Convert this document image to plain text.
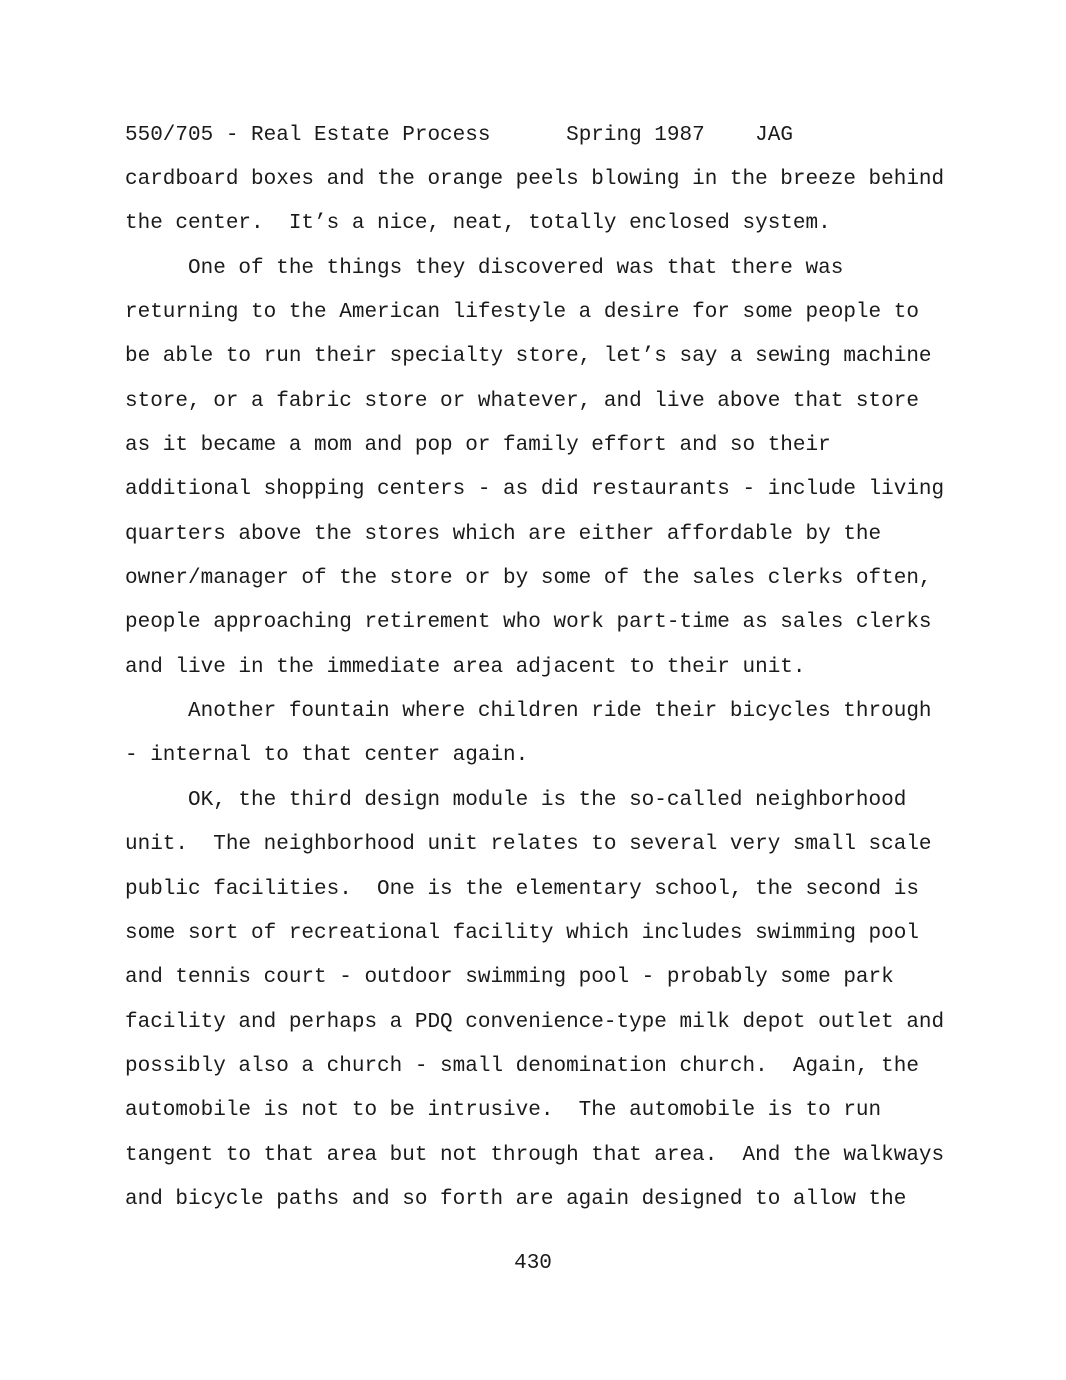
550/705 - Real Estate Process	Spring 1987 JAG
cardboard boxes and the orange peels blowing in the breeze behind
the center.  It’s a nice, neat, totally enclosed system.
One of the things they discovered was that there was
returning to the American lifestyle a desire for some people to
be able to run their specialty store, let’s say a sewing machine
store, or a fabric store or whatever, and live above that store
as it became a mom and pop or family effort and so their
additional shopping centers - as did restaurants - include living
quarters above the stores which are either affordable by the
owner/manager of the store or by some of the sales clerks often,
people approaching retirement who work part-time as sales clerks
and live in the immediate area adjacent to their unit.
Another fountain where children ride their bicycles through
- internal to that center again.
OK, the third design module is the so-called neighborhood
unit.  The neighborhood unit relates to several very small scale
public facilities.  One is the elementary school, the second is
some sort of recreational facility which includes swimming pool
and tennis court - outdoor swimming pool - probably some park
facility and perhaps a PDQ convenience-type milk depot outlet and
possibly also a church - small denomination church.  Again, the
automobile is not to be intrusive.  The automobile is to run
tangent to that area but not through that area.  And the walkways
and bicycle paths and so forth are again designed to allow the
430
